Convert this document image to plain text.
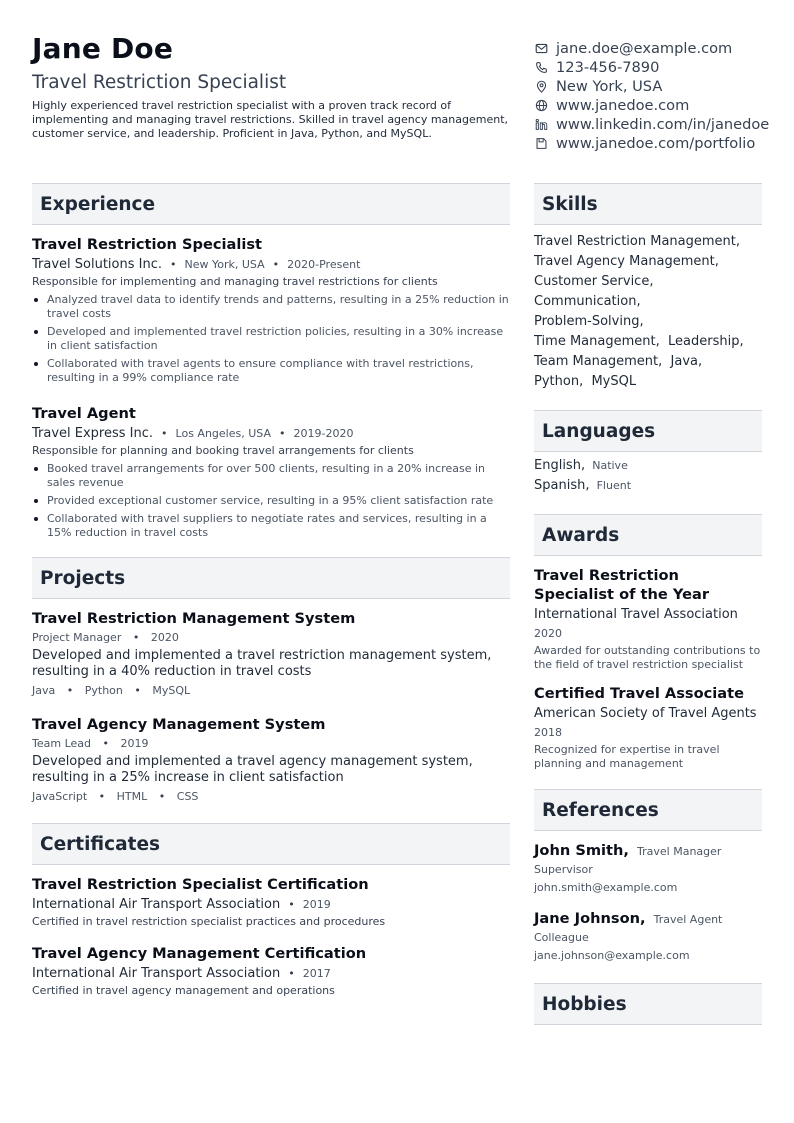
Jane Doe
Travel Restriction Specialist
Highly experienced travel restriction specialist with a proven track record of implementing and managing travel restrictions. Skilled in travel agency management, customer service, and leadership. Proficient in Java, Python, and MySQL.
jane.doe@example.com
123-456-7890
New York, USA
www.janedoe.com
www.linkedin.com/in/janedoe
www.janedoe.com/portfolio
Experience
Travel Restriction Specialist
Travel Solutions Inc. • New York, USA • 2020-Present
Responsible for implementing and managing travel restrictions for clients
Analyzed travel data to identify trends and patterns, resulting in a 25% reduction in travel costs
Developed and implemented travel restriction policies, resulting in a 30% increase in client satisfaction
Collaborated with travel agents to ensure compliance with travel restrictions, resulting in a 99% compliance rate
Travel Agent
Travel Express Inc. • Los Angeles, USA • 2019-2020
Responsible for planning and booking travel arrangements for clients
Booked travel arrangements for over 500 clients, resulting in a 20% increase in sales revenue
Provided exceptional customer service, resulting in a 95% client satisfaction rate
Collaborated with travel suppliers to negotiate rates and services, resulting in a 15% reduction in travel costs
Projects
Travel Restriction Management System
Project Manager • 2020
Developed and implemented a travel restriction management system, resulting in a 40% reduction in travel costs
Java • Python • MySQL
Travel Agency Management System
Team Lead • 2019
Developed and implemented a travel agency management system, resulting in a 25% increase in client satisfaction
JavaScript • HTML • CSS
Certificates
Travel Restriction Specialist Certification
International Air Transport Association • 2019
Certified in travel restriction specialist practices and procedures
Travel Agency Management Certification
International Air Transport Association • 2017
Certified in travel agency management and operations
Skills
Travel Restriction Management,
Travel Agency Management,
Customer Service,
Communication,
Problem-Solving,
Time Management, Leadership,
Team Management, Java,
Python, MySQL
Languages
English, Native
Spanish, Fluent
Awards
Travel Restriction Specialist of the Year
International Travel Association
2020
Awarded for outstanding contributions to the field of travel restriction specialist
Certified Travel Associate
American Society of Travel Agents
2018
Recognized for expertise in travel planning and management
References
John Smith, Travel Manager
Supervisor
john.smith@example.com
Jane Johnson, Travel Agent
Colleague
jane.johnson@example.com
Hobbies
